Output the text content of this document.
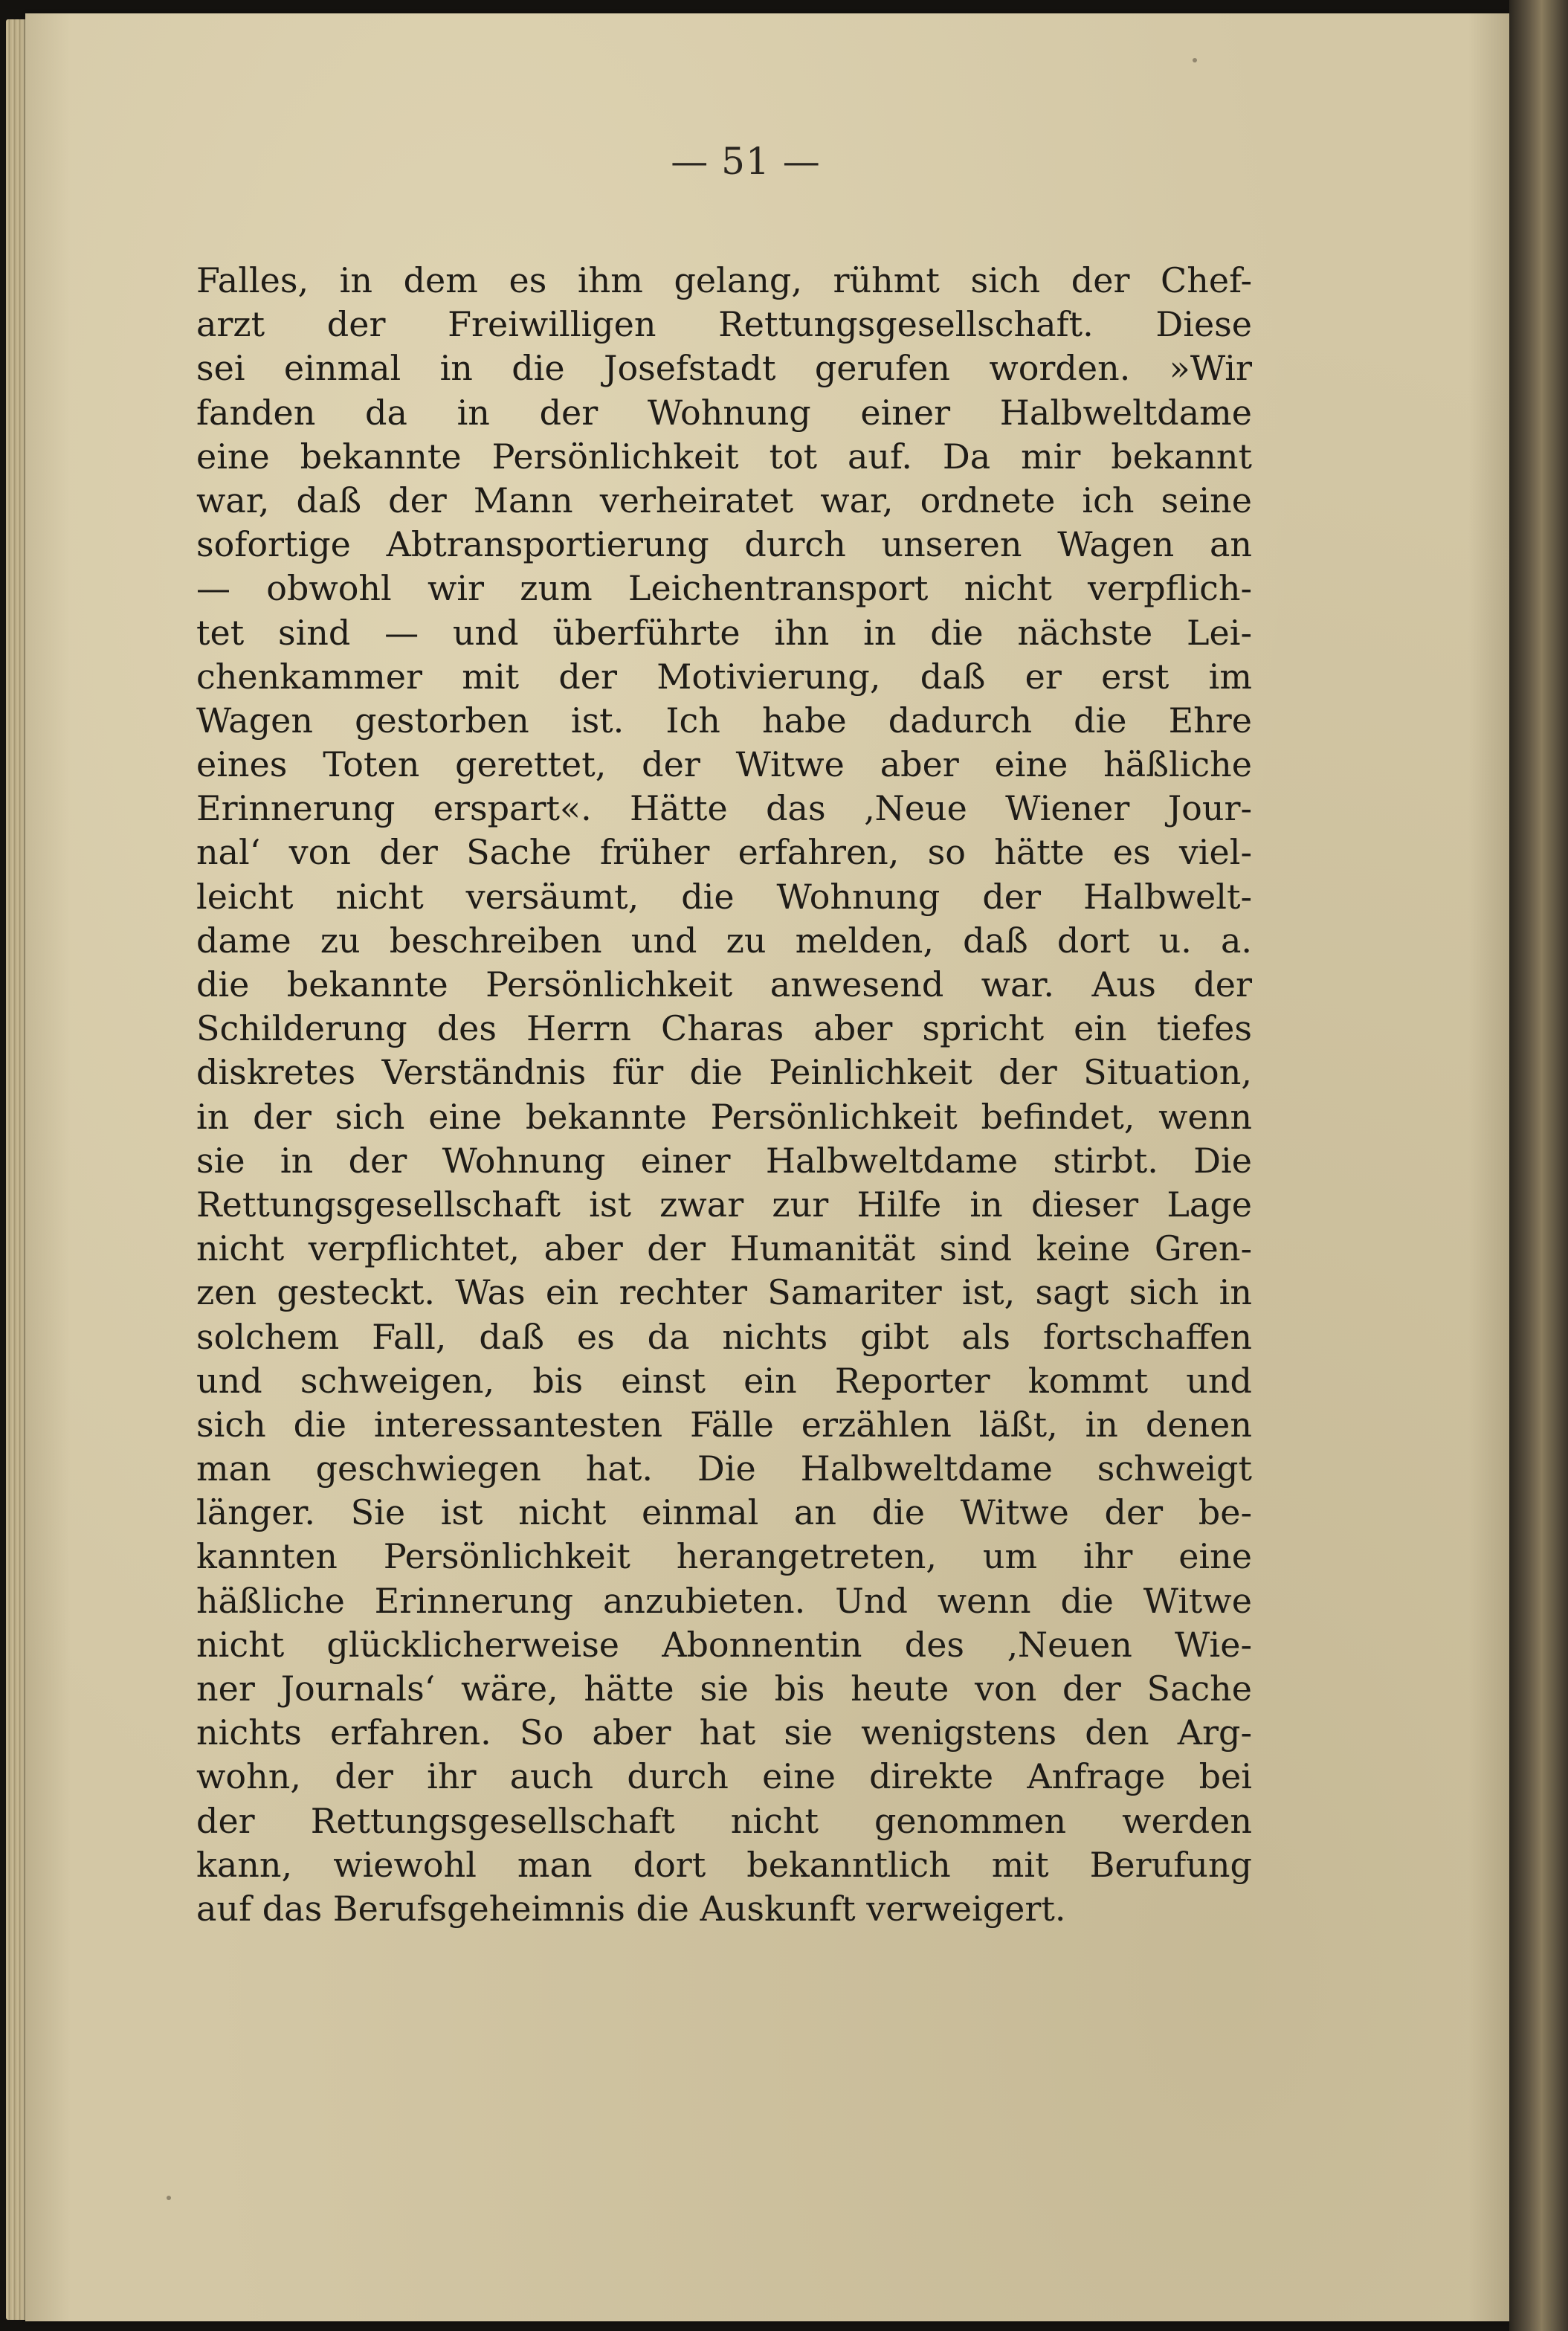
— 51 —
Falles, in dem es ihm gelang, rühmt sich der Chef-
arzt der Freiwilligen Rettungsgesellschaft. Diese
sei einmal in die Josefstadt gerufen worden. »Wir
fanden da in der Wohnung einer Halbweltdame
eine bekannte Persönlichkeit tot auf. Da mir bekannt
war, daß der Mann verheiratet war, ordnete ich seine
sofortige Abtransportierung durch unseren Wagen an
— obwohl wir zum Leichentransport nicht verpflich-
tet sind — und überführte ihn in die nächste Lei-
chenkammer mit der Motivierung, daß er erst im
Wagen gestorben ist. Ich habe dadurch die Ehre
eines Toten gerettet, der Witwe aber eine häßliche
Erinnerung erspart«. Hätte das ‚Neue Wiener Jour-
nal‘ von der Sache früher erfahren, so hätte es viel-
leicht nicht versäumt, die Wohnung der Halbwelt-
dame zu beschreiben und zu melden, daß dort u. a.
die bekannte Persönlichkeit anwesend war. Aus der
Schilderung des Herrn Charas aber spricht ein tiefes
diskretes Verständnis für die Peinlichkeit der Situation,
in der sich eine bekannte Persönlichkeit befindet, wenn
sie in der Wohnung einer Halbweltdame stirbt. Die
Rettungsgesellschaft ist zwar zur Hilfe in dieser Lage
nicht verpflichtet, aber der Humanität sind keine Gren-
zen gesteckt. Was ein rechter Samariter ist, sagt sich in
solchem Fall, daß es da nichts gibt als fortschaffen
und schweigen, bis einst ein Reporter kommt und
sich die interessantesten Fälle erzählen läßt, in denen
man geschwiegen hat. Die Halbweltdame schweigt
länger. Sie ist nicht einmal an die Witwe der be-
kannten Persönlichkeit herangetreten, um ihr eine
häßliche Erinnerung anzubieten. Und wenn die Witwe
nicht glücklicherweise Abonnentin des ‚Neuen Wie-
ner Journals‘ wäre, hätte sie bis heute von der Sache
nichts erfahren. So aber hat sie wenigstens den Arg-
wohn, der ihr auch durch eine direkte Anfrage bei
der Rettungsgesellschaft nicht genommen werden
kann, wiewohl man dort bekanntlich mit Berufung
auf das Berufsgeheimnis die Auskunft verweigert.
